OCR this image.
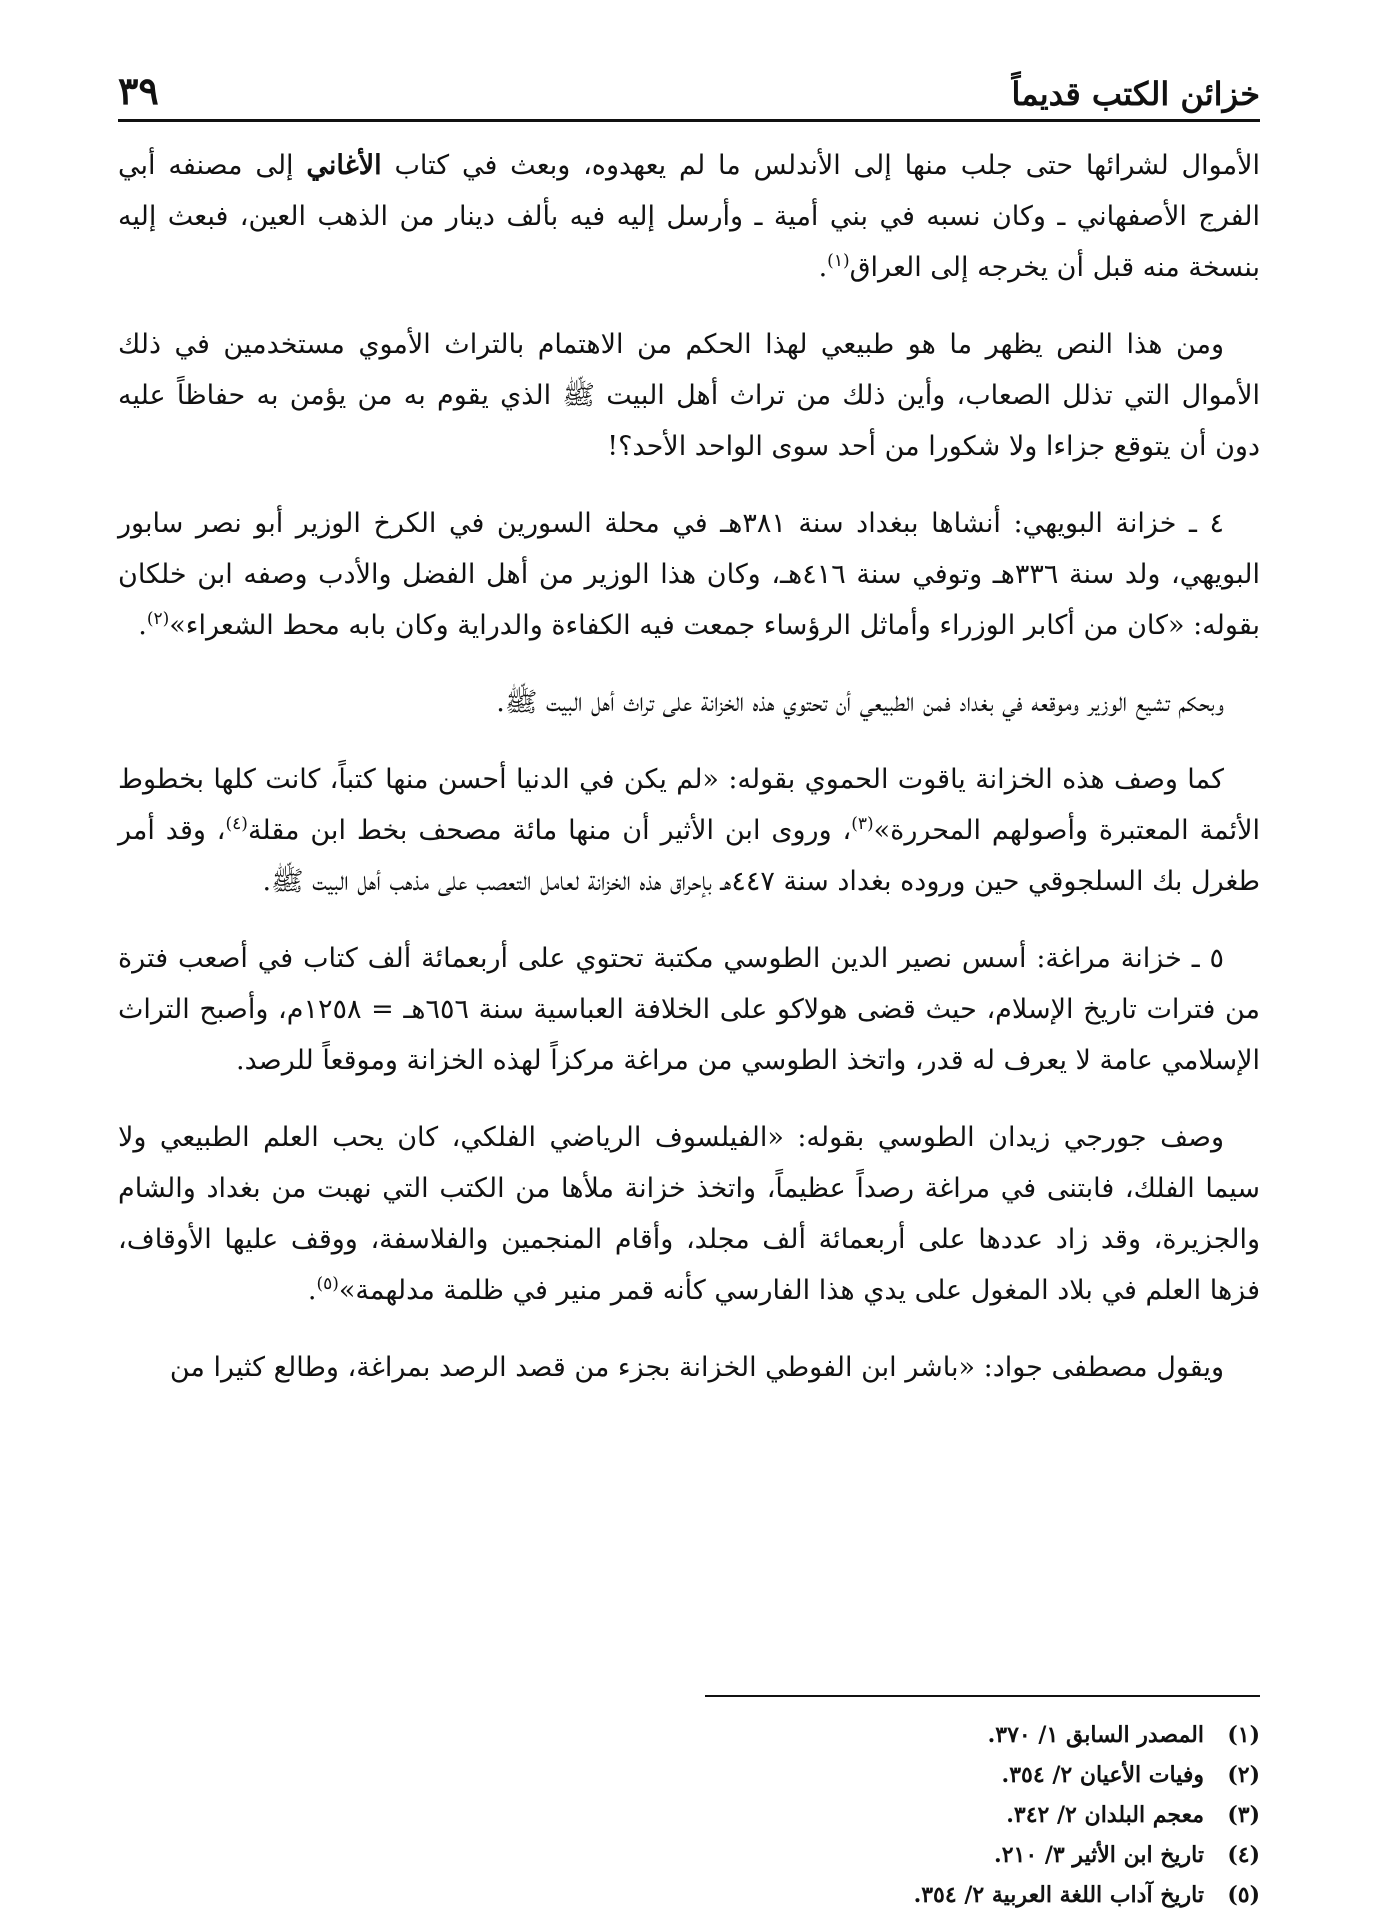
خزائن الكتب قديماً
٣٩

الأموال لشرائها حتى جلب منها إلى الأندلس ما لم يعهدوه، وبعث في كتاب الأغاني إلى مصنفه أبي الفرج الأصفهاني ـ وكان نسبه في بني أمية ـ وأرسل إليه فيه بألف دينار من الذهب العين، فبعث إليه بنسخة منه قبل أن يخرجه إلى العراق$^{(١)}$.

ومن هذا النص يظهر ما هو طبيعي لهذا الحكم من الاهتمام بالتراث الأموي مستخدمين في ذلك الأموال التي تذلل الصعاب، وأين ذلك من تراث أهل البيت ﷺ الذي يقوم به من يؤمن به حفاظاً عليه دون أن يتوقع جزاءا ولا شكورا من أحد سوى الواحد الأحد؟!

٤ ـ خزانة البويهي: أنشاها ببغداد سنة ٣٨١هـ في محلة السورين في الكرخ الوزير أبو نصر سابور البويهي، ولد سنة ٣٣٦هـ وتوفي سنة ٤١٦هـ، وكان هذا الوزير من أهل الفضل والأدب وصفه ابن خلكان بقوله: «كان من أكابر الوزراء وأماثل الرؤساء جمعت فيه الكفاءة والدراية وكان بابه محط الشعراء»$^{(٢)}$.

وبحكم تشيع الوزير وموقعه في بغداد فمن الطبيعي أن تحتوي هذه الخزانة على تراث أهل البيت ﷺ.

كما وصف هذه الخزانة ياقوت الحموي بقوله: «لم يكن في الدنيا أحسن منها كتباً، كانت كلها بخطوط الأئمة المعتبرة وأصولهم المحررة»$^{(٣)}$، وروى ابن الأثير أن منها مائة مصحف بخط ابن مقلة$^{(٤)}$، وقد أمر طغرل بك السلجوقي حين وروده بغداد سنة ٤٤٧هـ بإحراق هذه الخزانة لعامل التعصب على مذهب أهل البيت ﷺ.

٥ ـ خزانة مراغة: أسس نصير الدين الطوسي مكتبة تحتوي على أربعمائة ألف كتاب في أصعب فترة من فترات تاريخ الإسلام، حيث قضى هولاكو على الخلافة العباسية سنة ٦٥٦هـ = ١٢٥٨م، وأصبح التراث الإسلامي عامة لا يعرف له قدر، واتخذ الطوسي من مراغة مركزاً لهذه الخزانة وموقعاً للرصد.

وصف جورجي زيدان الطوسي بقوله: «الفيلسوف الرياضي الفلكي، كان يحب العلم الطبيعي ولا سيما الفلك، فابتنى في مراغة رصداً عظيماً، واتخذ خزانة ملأها من الكتب التي نهبت من بغداد والشام والجزيرة، وقد زاد عددها على أربعمائة ألف مجلد، وأقام المنجمين والفلاسفة، ووقف عليها الأوقاف، فزها العلم في بلاد المغول على يدي هذا الفارسي كأنه قمر منير في ظلمة مدلهمة»$^{(٥)}$.

ويقول مصطفى جواد: «باشر ابن الفوطي الخزانة بجزء من قصد الرصد بمراغة، وطالع كثيرا من

(١)
المصدر السابق ١/ ٣٧٠.
(٢)
وفيات الأعيان ٢/ ٣٥٤.
(٣)
معجم البلدان ٢/ ٣٤٢.
(٤)
تاريخ ابن الأثير ٣/ ٢١٠.
(٥)
تاريخ آداب اللغة العربية ٢/ ٣٥٤.
